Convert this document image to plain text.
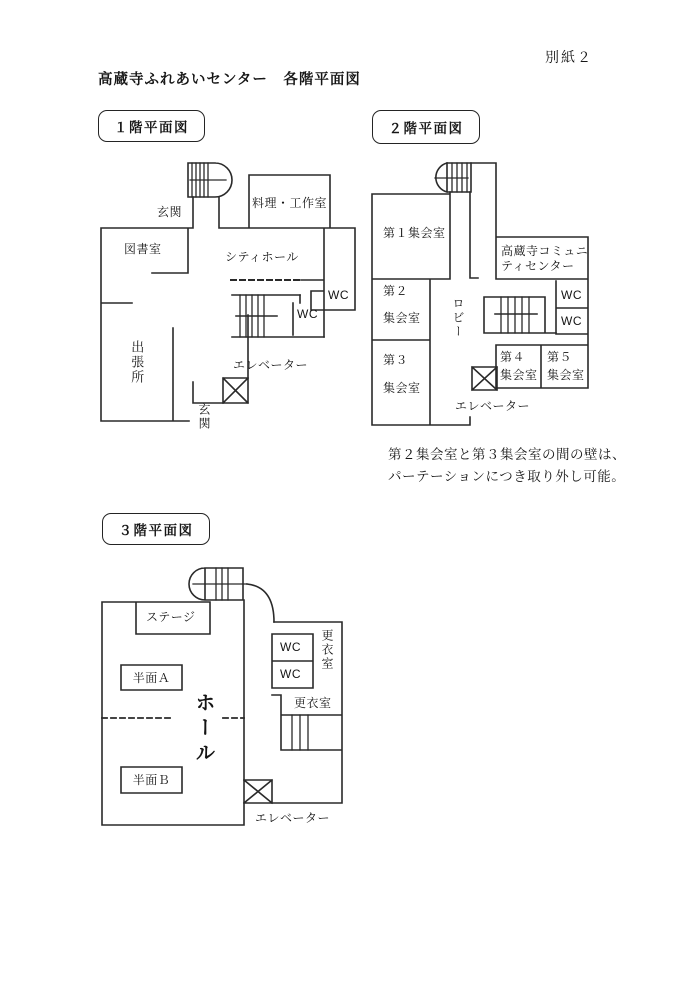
別紙２
高蔵寺ふれあいセンター　各階平面図
１階平面図	２階平面図
３階平面図
玄関
料理・工作室
図書室
シティホール
WC
WC
出張所	エレベーター
玄関
第１集会室
高蔵寺コミュニ
ティセンター
第２
集会室	ロビー
WC
WC
第３
集会室
第４
集会室
第５
集会室
エレベーター
第２集会室と第３集会室の間の壁は、
パーテーションにつき取り外し可能。
ステージ
半面Ａ
ホール
半面Ｂ
WC
WC
更衣室
更衣室
エレベーター
